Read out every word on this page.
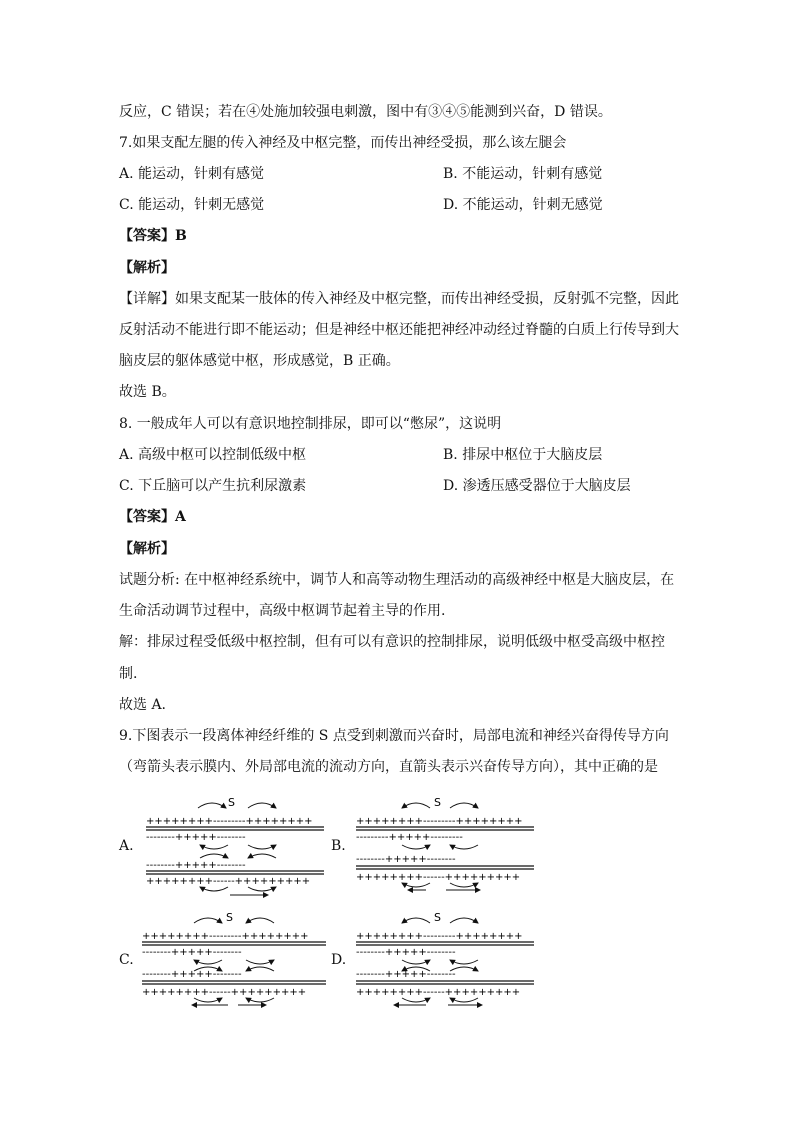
反应，C 错误；若在④处施加较强电刺激，图中有③④⑤能测到兴奋，D 错误。
7.如果支配左腿的传入神经及中枢完整，而传出神经受损，那么该左腿会
A. 能运动，针刺有感觉	B. 不能运动，针刺有感觉
C. 能运动，针刺无感觉	D. 不能运动，针刺无感觉
【答案】B
【解析】
【详解】如果支配某一肢体的传入神经及中枢完整，而传出神经受损，反射弧不完整，因此
反射活动不能进行即不能运动；但是神经中枢还能把神经冲动经过脊髓的白质上行传导到大
脑皮层的躯体感觉中枢，形成感觉，B 正确。
故选 B。
8. 一般成年人可以有意识地控制排尿，即可以“憋尿”，这说明
A. 高级中枢可以控制低级中枢	B. 排尿中枢位于大脑皮层
C. 下丘脑可以产生抗利尿激素	D. 渗透压感受器位于大脑皮层
【答案】A
【解析】
试题分析: 在中枢神经系统中，调节人和高等动物生理活动的高级神经中枢是大脑皮层，在
生命活动调节过程中，高级中枢调节起着主导的作用.
解：排尿过程受低级中枢控制，但有可以有意识的控制排尿，说明低级中枢受高级中枢控
制.
故选 A.
9.下图表示一段离体神经纤维的 S 点受到刺激而兴奋时，局部电流和神经兴奋得传导方向
（弯箭头表示膜内、外局部电流的流动方向，直箭头表示兴奋传导方向），其中正确的是
A.
S
++++++++---------++++++++
--------+++++--------
--------+++++--------
++++++++------+++++++++
B.
S
++++++++---------++++++++
---------+++++---------
--------+++++--------
++++++++------+++++++++
C.
S
++++++++---------++++++++
--------+++++--------
--------+++++--------
++++++++------+++++++++
D.
S
++++++++---------++++++++
--------+++++--------
--------+++++--------
++++++++------+++++++++
